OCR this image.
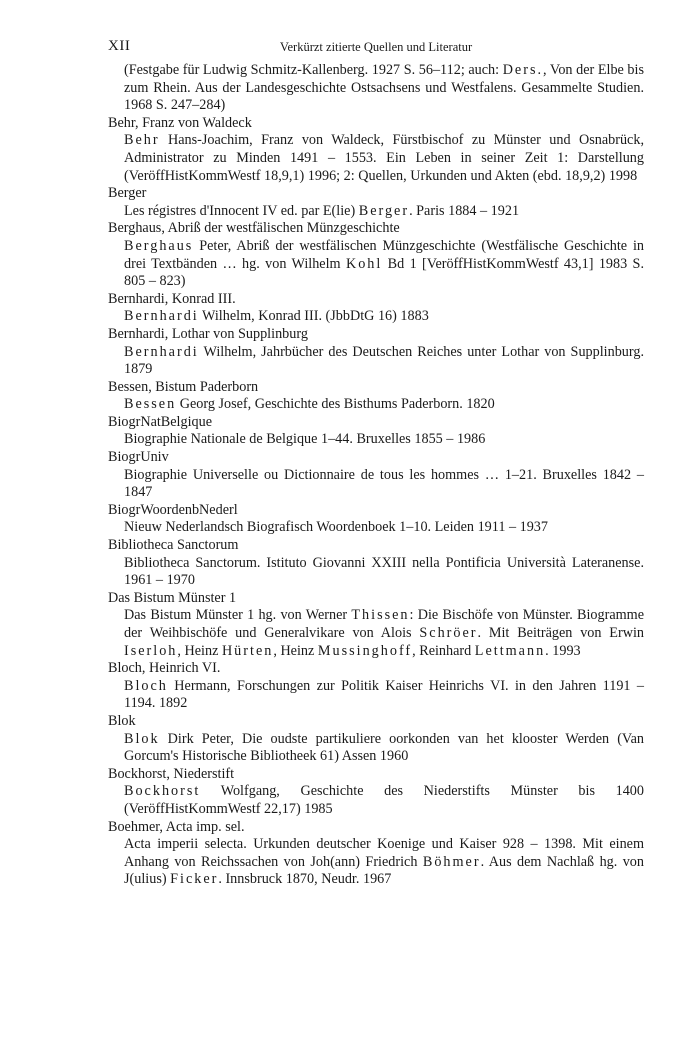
XII	Verkürzt zitierte Quellen und Literatur
(Festgabe für Ludwig Schmitz-Kallenberg. 1927 S. 56–112; auch: Ders., Von der Elbe bis zum Rhein. Aus der Landesgeschichte Ostsachsens und Westfalens. Gesammelte Studien. 1968 S. 247–284)
Behr, Franz von Waldeck
Behr Hans-Joachim, Franz von Waldeck, Fürstbischof zu Münster und Osnabrück, Administrator zu Minden 1491 – 1553. Ein Leben in seiner Zeit 1: Darstellung (VeröffHistKommWestf 18,9,1) 1996; 2: Quellen, Urkunden und Akten (ebd. 18,9,2) 1998
Berger
Les régistres d'Innocent IV ed. par E(lie) Berger. Paris 1884 – 1921
Berghaus, Abriß der westfälischen Münzgeschichte
Berghaus Peter, Abriß der westfälischen Münzgeschichte (Westfälische Geschichte in drei Textbänden … hg. von Wilhelm Kohl Bd 1 [VeröffHistKommWestf 43,1] 1983 S. 805 – 823)
Bernhardi, Konrad III.
Bernhardi Wilhelm, Konrad III. (JbbDtG 16) 1883
Bernhardi, Lothar von Supplinburg
Bernhardi Wilhelm, Jahrbücher des Deutschen Reiches unter Lothar von Supplinburg. 1879
Bessen, Bistum Paderborn
Bessen Georg Josef, Geschichte des Bisthums Paderborn. 1820
BiogrNatBelgique
Biographie Nationale de Belgique 1–44. Bruxelles 1855 – 1986
BiogrUniv
Biographie Universelle ou Dictionnaire de tous les hommes … 1–21. Bruxelles 1842 – 1847
BiogrWoordenbNederl
Nieuw Nederlandsch Biografisch Woordenboek 1–10. Leiden 1911 – 1937
Bibliotheca Sanctorum
Bibliotheca Sanctorum. Istituto Giovanni XXIII nella Pontificia Università Lateranense. 1961 – 1970
Das Bistum Münster 1
Das Bistum Münster 1 hg. von Werner Thissen: Die Bischöfe von Münster. Biogramme der Weihbischöfe und Generalvikare von Alois Schröer. Mit Beiträgen von Erwin Iserloh, Heinz Hürten, Heinz Mussinghoff, Reinhard Lettmann. 1993
Bloch, Heinrich VI.
Bloch Hermann, Forschungen zur Politik Kaiser Heinrichs VI. in den Jahren 1191 – 1194. 1892
Blok
Blok Dirk Peter, Die oudste partikuliere oorkonden van het klooster Werden (Van Gorcum's Historische Bibliotheek 61) Assen 1960
Bockhorst, Niederstift
Bockhorst Wolfgang, Geschichte des Niederstifts Münster bis 1400 (VeröffHistKommWestf 22,17) 1985
Boehmer, Acta imp. sel.
Acta imperii selecta. Urkunden deutscher Koenige und Kaiser 928 – 1398. Mit einem Anhang von Reichssachen von Joh(ann) Friedrich Böhmer. Aus dem Nachlaß hg. von J(ulius) Ficker. Innsbruck 1870, Neudr. 1967
